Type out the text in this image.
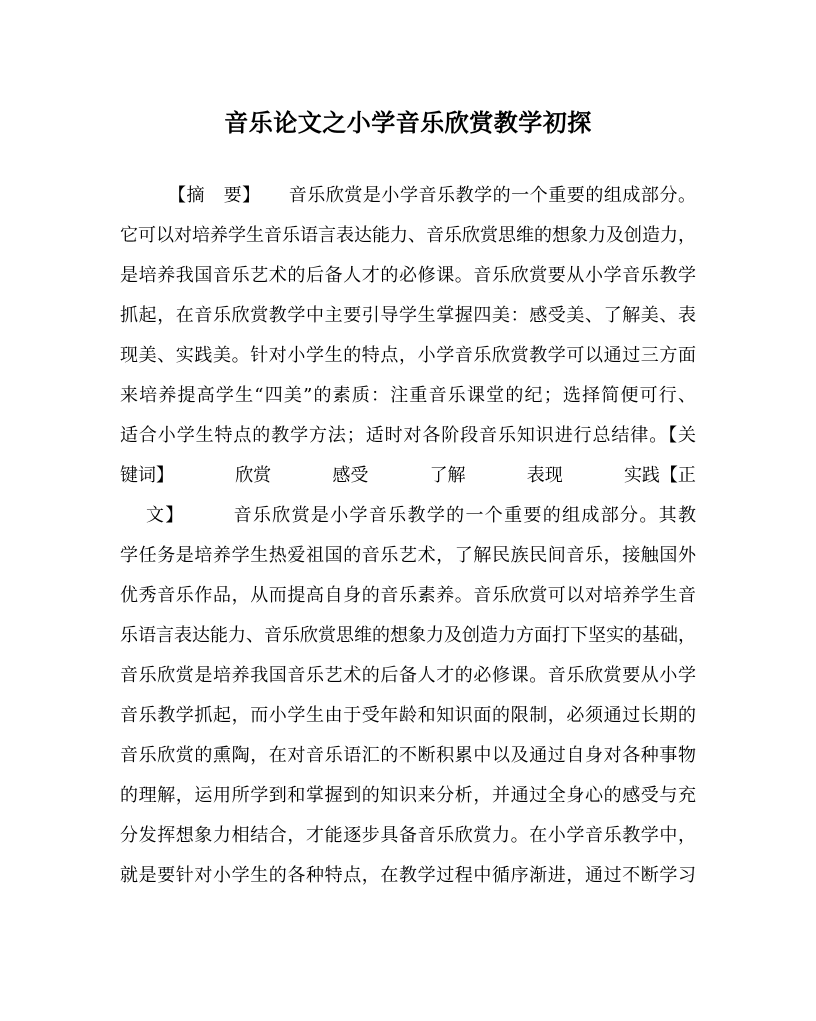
音乐论文之小学音乐欣赏教学初探
【摘　要】　　音乐欣赏是小学音乐教学的一个重要的组成部分。
它可以对培养学生音乐语言表达能力、音乐欣赏思维的想象力及创造力，
是培养我国音乐艺术的后备人才的必修课。音乐欣赏要从小学音乐教学
抓起，在音乐欣赏教学中主要引导学生掌握四美：感受美、了解美、表
现美、实践美。针对小学生的特点，小学音乐欣赏教学可以通过三方面
来培养提高学生“四美”的素质：注重音乐课堂的纪；选择简便可行、
适合小学生特点的教学方法；适时对各阶段音乐知识进行总结律。【关
键词】	欣赏	感受	了解	表现	实践【正
文】　　　音乐欣赏是小学音乐教学的一个重要的组成部分。其教
学任务是培养学生热爱祖国的音乐艺术，了解民族民间音乐，接触国外
优秀音乐作品，从而提高自身的音乐素养。音乐欣赏可以对培养学生音
乐语言表达能力、音乐欣赏思维的想象力及创造力方面打下坚实的基础，
音乐欣赏是培养我国音乐艺术的后备人才的必修课。音乐欣赏要从小学
音乐教学抓起，而小学生由于受年龄和知识面的限制，必须通过长期的
音乐欣赏的熏陶，在对音乐语汇的不断积累中以及通过自身对各种事物
的理解，运用所学到和掌握到的知识来分析，并通过全身心的感受与充
分发挥想象力相结合，才能逐步具备音乐欣赏力。在小学音乐教学中，
就是要针对小学生的各种特点，在教学过程中循序渐进，通过不断学习
